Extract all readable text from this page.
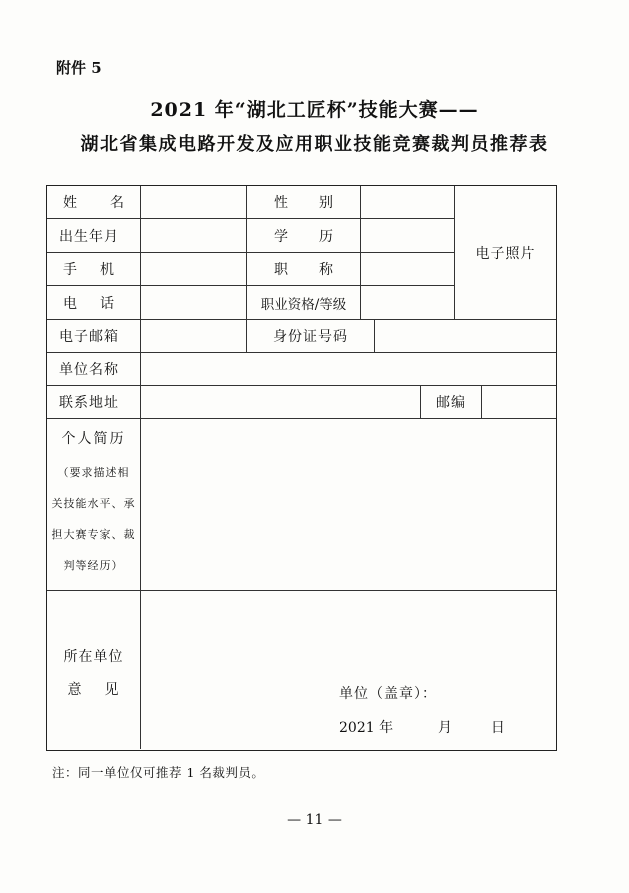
附件 5
2021 年“湖北工匠杯”技能大赛——
湖北省集成电路开发及应用职业技能竞赛裁判员推荐表
姓 名	性 别
出生年月	学 历
手 机	职 称
电 话	职业资格/等级
电子照片
电子邮箱	身份证号码
单位名称
联系地址	邮编
个人简历
（要求描述相
关技能水平、承
担大赛专家、裁
判等经历）
所在单位
意 见	单位（盖章）：
2021 年	月	日
注：同一单位仅可推荐 1 名裁判员。
— 11 —
